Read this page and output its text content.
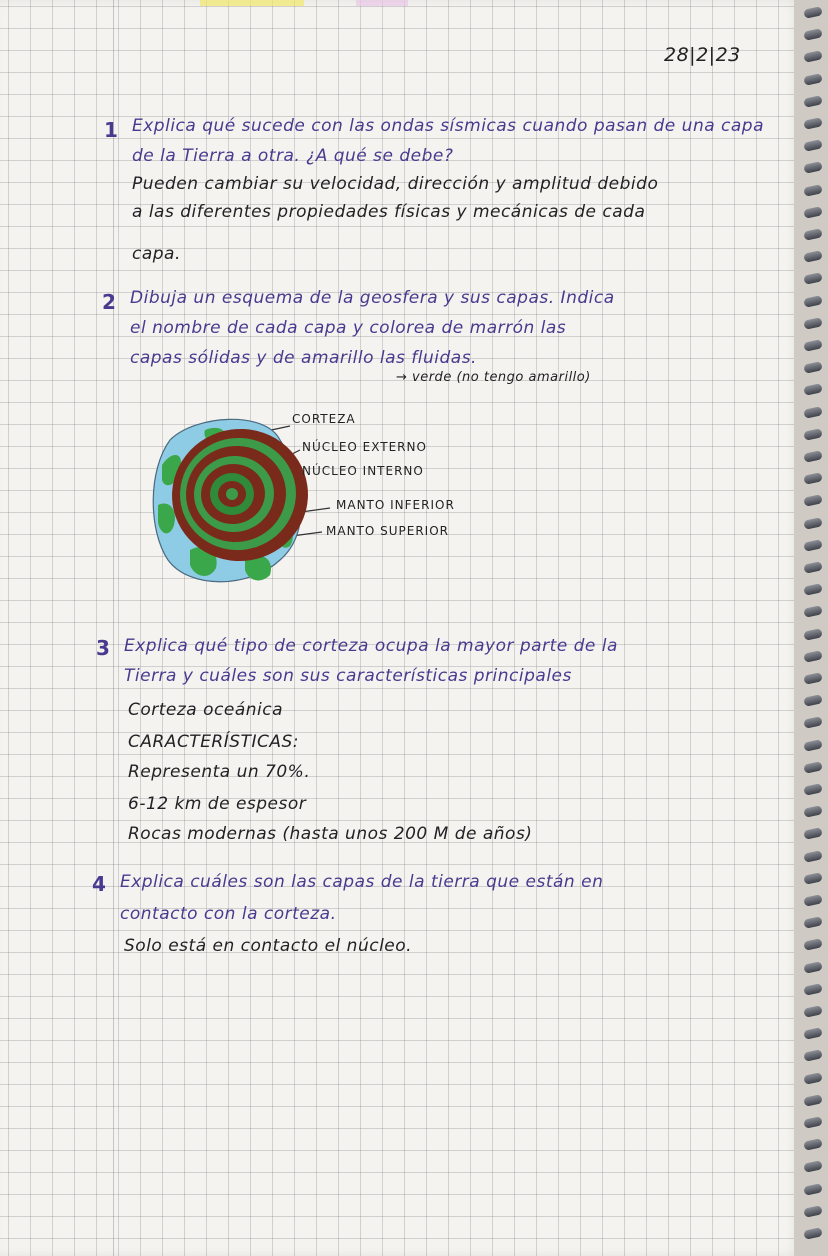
28|2|23
1 Explica qué sucede con las ondas sísmicas cuando pasan de una capa
de la Tierra a otra. ¿A qué se debe?
Pueden cambiar su velocidad, dirección y amplitud debido
a las diferentes propiedades físicas y mecánicas de cada
capa.
2 Dibuja un esquema de la geosfera y sus capas. Indica
el nombre de cada capa y colorea de marrón las
capas sólidas y de amarillo las fluidas.
→ verde (no tengo amarillo)
CORTEZA
NÚCLEO EXTERNO
NÚCLEO INTERNO
MANTO INFERIOR
MANTO SUPERIOR
3 Explica qué tipo de corteza ocupa la mayor parte de la
Tierra y cuáles son sus características principales
Corteza oceánica
CARACTERÍSTICAS:
Representa un 70%.
6-12 km de espesor
Rocas modernas (hasta unos 200 M de años)
4 Explica cuáles son las capas de la tierra que están en
contacto con la corteza.
Solo está en contacto el núcleo.
